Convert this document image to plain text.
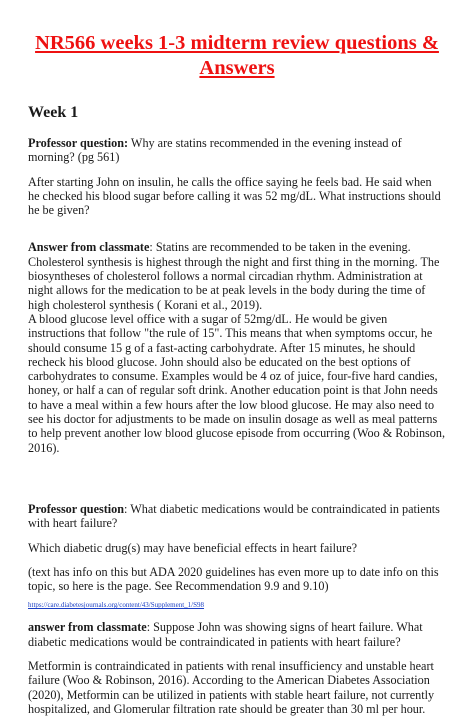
NR566 weeks 1-3 midterm review questions & Answers
Week 1

Professor question: Why are statins recommended in the evening instead of morning? (pg 561)

After starting John on insulin, he calls the office saying he feels bad. He said when he checked his blood sugar before calling it was 52 mg/dL. What instructions should he be given?

Answer from classmate: Statins are recommended to be taken in the evening. Cholesterol synthesis is highest through the night and first thing in the morning. The biosyntheses of cholesterol follows a normal circadian rhythm. Administration at night allows for the medication to be at peak levels in the body during the time of high cholesterol synthesis ( Korani et al., 2019).

A blood glucose level office with a sugar of 52mg/dL. He would be given instructions that follow "the rule of 15". This means that when symptoms occur, he should consume 15 g of a fast-acting carbohydrate. After 15 minutes, he should recheck his blood glucose. John should also be educated on the best options of carbohydrates to consume. Examples would be 4 oz of juice, four-five hard candies, honey, or half a can of regular soft drink. Another education point is that John needs to have a meal within a few hours after the low blood glucose. He may also need to see his doctor for adjustments to be made on insulin dosage as well as meal patterns to help prevent another low blood glucose episode from occurring (Woo & Robinson, 2016).

Professor question: What diabetic medications would be contraindicated in patients with heart failure?

Which diabetic drug(s) may have beneficial effects in heart failure?

(text has info on this but ADA 2020 guidelines has even more up to date info on this topic, so here is the page. See Recommendation 9.9 and 9.10)

https://care.diabetesjournals.org/content/43/Supplement_1/S98

answer from classmate: Suppose John was showing signs of heart failure. What diabetic medications would be contraindicated in patients with heart failure?

Metformin is contraindicated in patients with renal insufficiency and unstable heart failure (Woo & Robinson, 2016). According to the American Diabetes Association (2020), Metformin can be utilized in patients with stable heart failure, not currently hospitalized, and Glomerular filtration rate should be greater than 30 ml per hour.
